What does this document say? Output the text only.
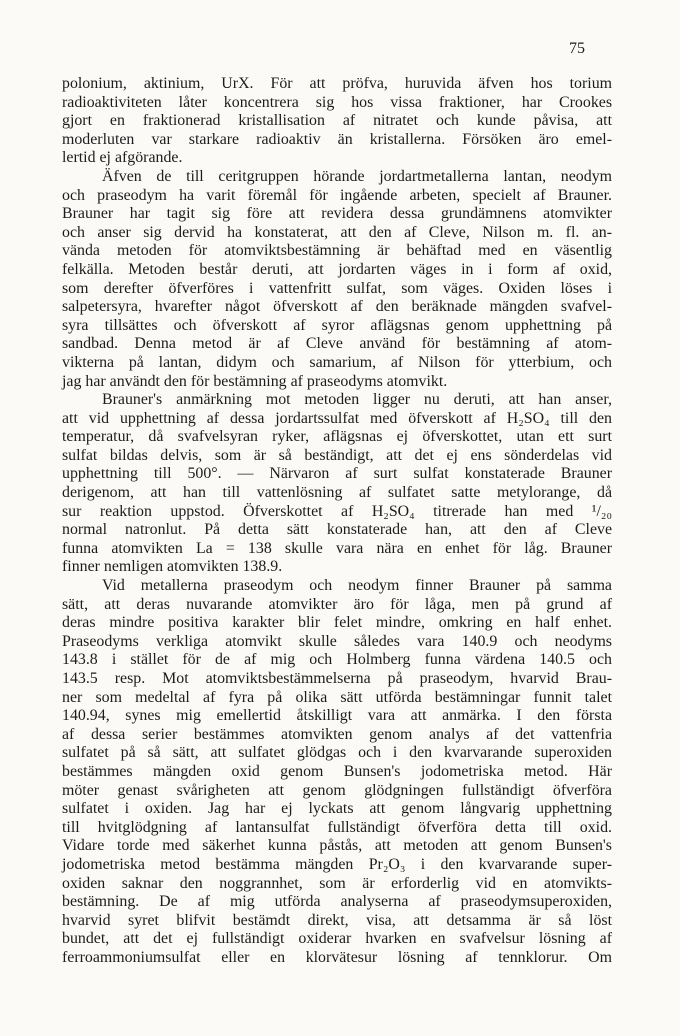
75
polonium, aktinium, UrX. För att pröfva, huruvida äfven hos torium
radioaktiviteten låter koncentrera sig hos vissa fraktioner, har Crookes
gjort en fraktionerad kristallisation af nitratet och kunde påvisa, att
moderluten var starkare radioaktiv än kristallerna. Försöken äro emel-
lertid ej afgörande.
Äfven de till ceritgruppen hörande jordartmetallerna lantan, neodym
och praseodym ha varit föremål för ingående arbeten, specielt af Brauner.
Brauner har tagit sig före att revidera dessa grundämnens atomvikter
och anser sig dervid ha konstaterat, att den af Cleve, Nilson m. fl. an-
vända metoden för atomviktsbestämning är behäftad med en väsentlig
felkälla. Metoden består deruti, att jordarten väges in i form af oxid,
som derefter öfverföres i vattenfritt sulfat, som väges. Oxiden löses i
salpetersyra, hvarefter något öfverskott af den beräknade mängden svafvel-
syra tillsättes och öfverskott af syror aflägsnas genom upphettning på
sandbad. Denna metod är af Cleve använd för bestämning af atom-
vikterna på lantan, didym och samarium, af Nilson för ytterbium, och
jag har användt den för bestämning af praseodyms atomvikt.
Brauner's anmärkning mot metoden ligger nu deruti, att han anser,
att vid upphettning af dessa jordartssulfat med öfverskott af H₂SO₄ till den
temperatur, då svafvelsyran ryker, aflägsnas ej öfverskottet, utan ett surt
sulfat bildas delvis, som är så beständigt, att det ej ens sönderdelas vid
upphettning till 500°. — Närvaron af surt sulfat konstaterade Brauner
derigenom, att han till vattenlösning af sulfatet satte metylorange, då
sur reaktion uppstod. Öfverskottet af H₂SO₄ titrerade han med ¹/₂₀
normal natronlut. På detta sätt konstaterade han, att den af Cleve
funna atomvikten La = 138 skulle vara nära en enhet för låg. Brauner
finner nemligen atomvikten 138.9.
Vid metallerna praseodym och neodym finner Brauner på samma
sätt, att deras nuvarande atomvikter äro för låga, men på grund af
deras mindre positiva karakter blir felet mindre, omkring en half enhet.
Praseodyms verkliga atomvikt skulle således vara 140.9 och neodyms
143.8 i stället för de af mig och Holmberg funna värdena 140.5 och
143.5 resp. Mot atomviktsbestämmelserna på praseodym, hvarvid Brau-
ner som medeltal af fyra på olika sätt utförda bestämningar funnit talet
140.94, synes mig emellertid åtskilligt vara att anmärka. I den första
af dessa serier bestämmes atomvikten genom analys af det vattenfria
sulfatet på så sätt, att sulfatet glödgas och i den kvarvarande superoxiden
bestämmes mängden oxid genom Bunsen's jodometriska metod. Här
möter genast svårigheten att genom glödgningen fullständigt öfverföra
sulfatet i oxiden. Jag har ej lyckats att genom långvarig upphettning
till hvitglödgning af lantansulfat fullständigt öfverföra detta till oxid.
Vidare torde med säkerhet kunna påstås, att metoden att genom Bunsen's
jodometriska metod bestämma mängden Pr₂O₃ i den kvarvarande super-
oxiden saknar den noggrannhet, som är erforderlig vid en atomvikts-
bestämning. De af mig utförda analyserna af praseodymsuperoxiden,
hvarvid syret blifvit bestämdt direkt, visa, att detsamma är så löst
bundet, att det ej fullständigt oxiderar hvarken en svafvelsur lösning af
ferroammoniumsulfat eller en klorvätesur lösning af tennklorur. Om
